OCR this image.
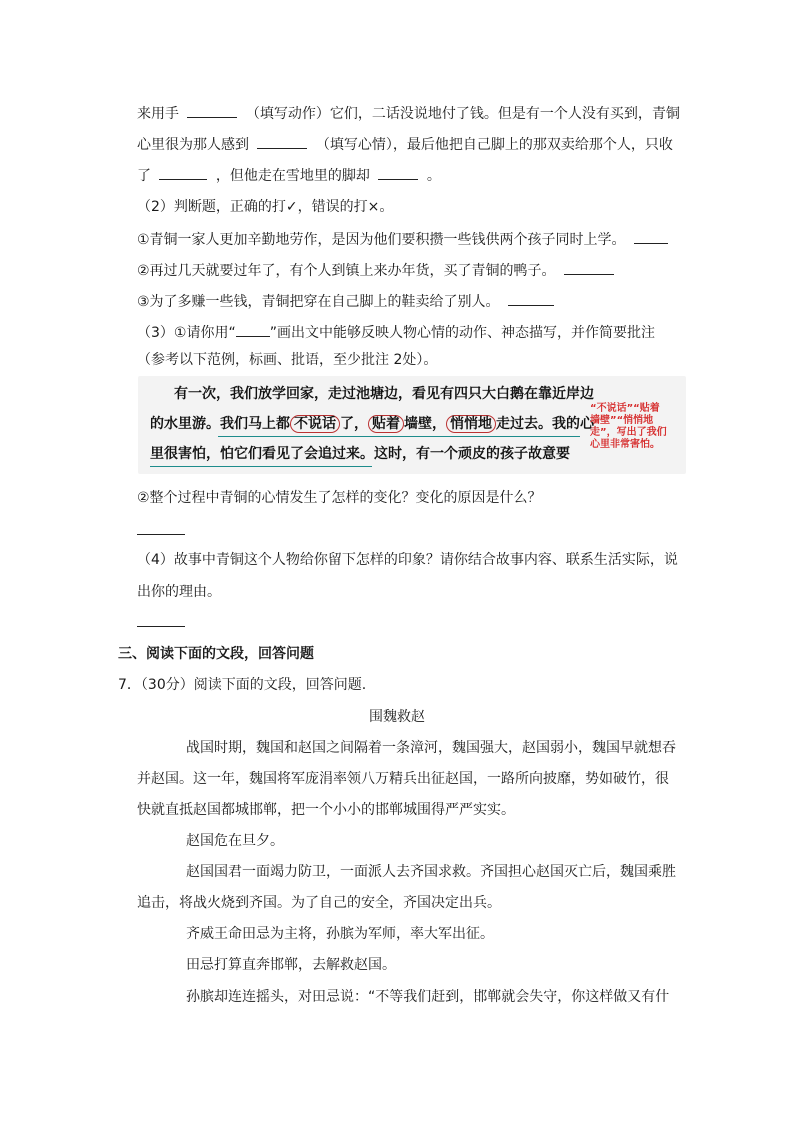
来用手	（填写动作）它们，二话没说地付了钱。但是有一个人没有买到，青铜
心里很为那人感到	（填写心情），最后他把自己脚上的那双卖给那个人，只收
了	，但他走在雪地里的脚却	。
（2）判断题，正确的打✓，错误的打×。
①青铜一家人更加辛勤地劳作，是因为他们要积攒一些钱供两个孩子同时上学。
②再过几天就要过年了，有个人到镇上来办年货，买了青铜的鸭子。
③为了多赚一些钱，青铜把穿在自己脚上的鞋卖给了别人。
（3）①请你用“ ”画出文中能够反映人物心情的动作、神态描写，并作简要批注
（参考以下范例，标画、批语，至少批注 2处）。
有一次，我们放学回家，走过池塘边，看见有四只大白鹅在靠近岸边
的水里游。我们马上都 不说话 了， 贴着 墙壁， 悄悄地 走过去。我的心
里很害怕，怕它们看见了会追过来。这时，有一个顽皮的孩子故意要
“不说话”“贴着
墙壁”“悄悄地
走”，写出了我们
心里非常害怕。
②整个过程中青铜的心情发生了怎样的变化？变化的原因是什么？
（4）故事中青铜这个人物给你留下怎样的印象？请你结合故事内容、联系生活实际，说
出你的理由。
三、阅读下面的文段，回答问题
7．（30分）阅读下面的文段，回答问题.
围魏救赵
战国时期，魏国和赵国之间隔着一条漳河，魏国强大，赵国弱小，魏国早就想吞
并赵国。这一年，魏国将军庞涓率领八万精兵出征赵国，一路所向披靡，势如破竹，很
快就直抵赵国都城邯郸，把一个小小的邯郸城围得严严实实。
赵国危在旦夕。
赵国国君一面竭力防卫，一面派人去齐国求救。齐国担心赵国灭亡后，魏国乘胜
追击，将战火烧到齐国。为了自己的安全，齐国决定出兵。
齐威王命田忌为主将，孙膑为军师，率大军出征。
田忌打算直奔邯郸，去解救赵国。
孙膑却连连摇头，对田忌说：“不等我们赶到，邯郸就会失守，你这样做又有什
